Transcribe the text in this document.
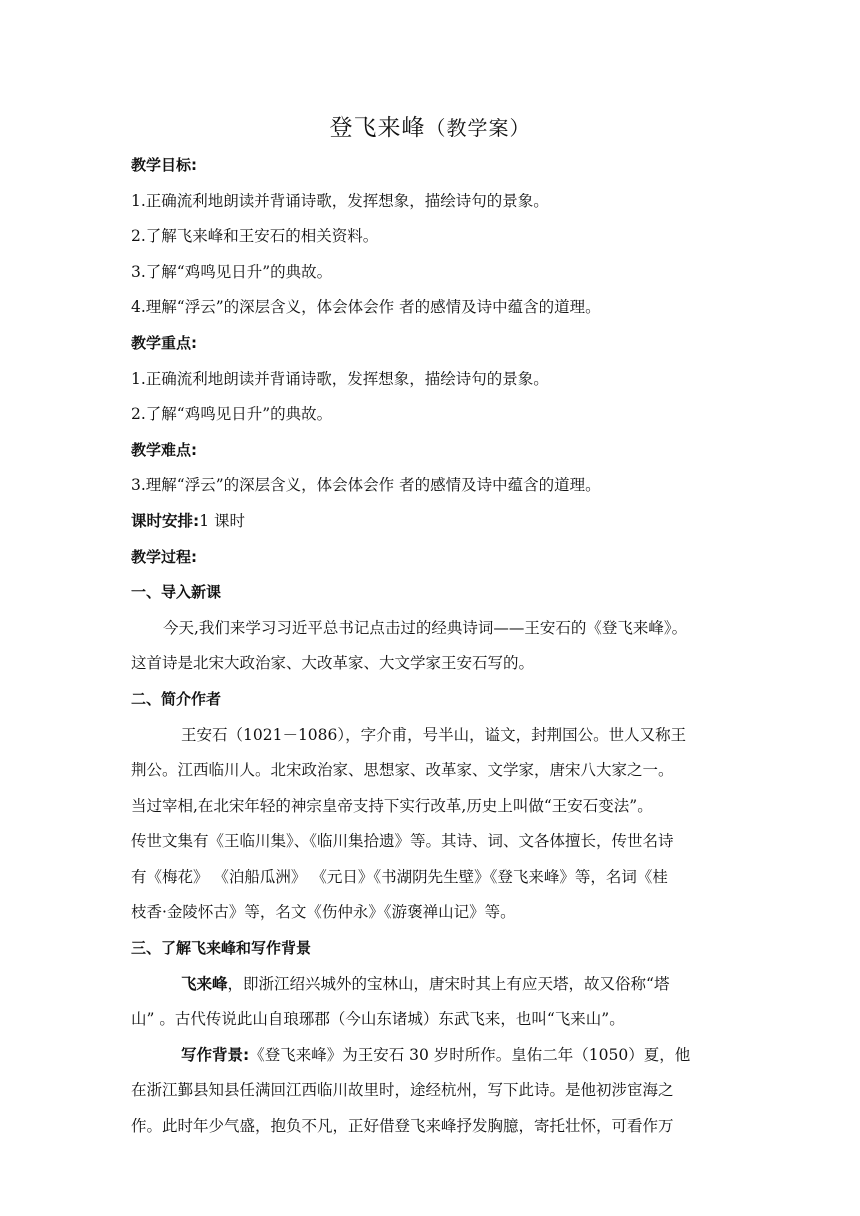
登飞来峰（教学案）
教学目标:
1.正确流利地朗读并背诵诗歌，发挥想象，描绘诗句的景象。
2.了解飞来峰和王安石的相关资料。
3.了解“鸡鸣见日升”的典故。
4.理解“浮云”的深层含义，体会体会作 者的感情及诗中蕴含的道理。
教学重点:
1.正确流利地朗读并背诵诗歌，发挥想象，描绘诗句的景象。
2.了解“鸡鸣见日升”的典故。
教学难点:
3.理解“浮云”的深层含义，体会体会作 者的感情及诗中蕴含的道理。
课时安排:1 课时
教学过程:
一、导入新课
今天,我们来学习习近平总书记点击过的经典诗词——王安石的《登飞来峰》。
这首诗是北宋大政治家、大改革家、大文学家王安石写的。
二、简介作者
王安石（1021－1086），字介甫，号半山，谥文，封荆国公。世人又称王
荆公。江西临川人。北宋政治家、思想家、改革家、文学家，唐宋八大家之一。
当过宰相,在北宋年轻的神宗皇帝支持下实行改革,历史上叫做“王安石变法”。
传世文集有《王临川集》、《临川集拾遗》等。其诗、词、文各体擅长，传世名诗
有《梅花》 《泊船瓜洲》 《元日》《书湖阴先生壁》《登飞来峰》等，名词《桂
枝香·金陵怀古》等，名文《伤仲永》《游褒禅山记》等。
三、了解飞来峰和写作背景
飞来峰，即浙江绍兴城外的宝林山，唐宋时其上有应天塔，故又俗称“塔
山” 。古代传说此山自琅琊郡（今山东诸城）东武飞来，也叫“飞来山”。
写作背景:《登飞来峰》为王安石 30 岁时所作。皇佑二年（1050）夏，他
在浙江鄞县知县任满回江西临川故里时，途经杭州，写下此诗。是他初涉宦海之
作。此时年少气盛，抱负不凡，正好借登飞来峰抒发胸臆，寄托壮怀，可看作万
